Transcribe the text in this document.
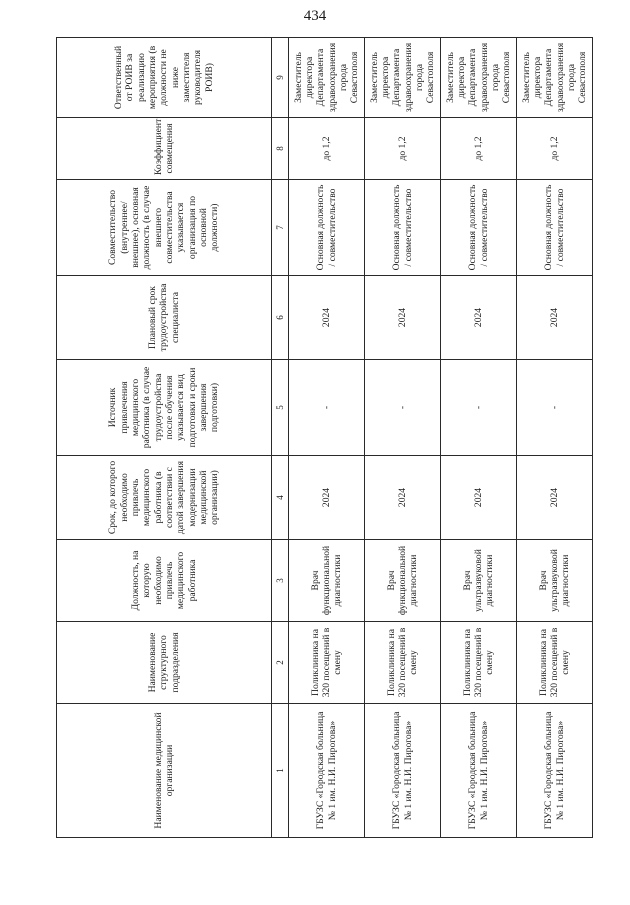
434
Наименование медицинской организации	Наименование структурного подразделения	Должность, на которую необходимо привлечь медицинского работника	Срок, до которого необходимо привлечь медицинского работника (в соответствии с датой завершения модернизации медицинской организации)	Источник привлечения медицинского работника (в случае трудоустройства после обучения указывается вид подготовки и сроки завершения подготовки)	Плановый срок трудоустройства специалиста	Совместительство (внутреннее/внешнее), основная должность (в случае внешнего совместительства указывается организация по основной должности)	Коэффициент совмещения	Ответственный от РОИВ за реализацию мероприятия (в должности не ниже заместителя руководителя РОИВ)
1	2	3	4	5	6	7	8	9
ГБУЗС «Городская больница № 1 им. Н.И. Пирогова»	Поликлиника на 320 посещений в смену	Врач функциональной диагностики	2024	-	2024	Основная должность / совместительство	до 1,2	Заместитель директора Департамента здравоохранения города Севастополя
ГБУЗС «Городская больница № 1 им. Н.И. Пирогова»	Поликлиника на 320 посещений в смену	Врач функциональной диагностики	2024	-	2024	Основная должность / совместительство	до 1,2	Заместитель директора Департамента здравоохранения города Севастополя
ГБУЗС «Городская больница № 1 им. Н.И. Пирогова»	Поликлиника на 320 посещений в смену	Врач ультразвуковой диагностики	2024	-	2024	Основная должность / совместительство	до 1,2	Заместитель директора Департамента здравоохранения города Севастополя
ГБУЗС «Городская больница № 1 им. Н.И. Пирогова»	Поликлиника на 320 посещений в смену	Врач ультразвуковой диагностики	2024	-	2024	Основная должность / совместительство	до 1,2	Заместитель директора Департамента здравоохранения города Севастополя
